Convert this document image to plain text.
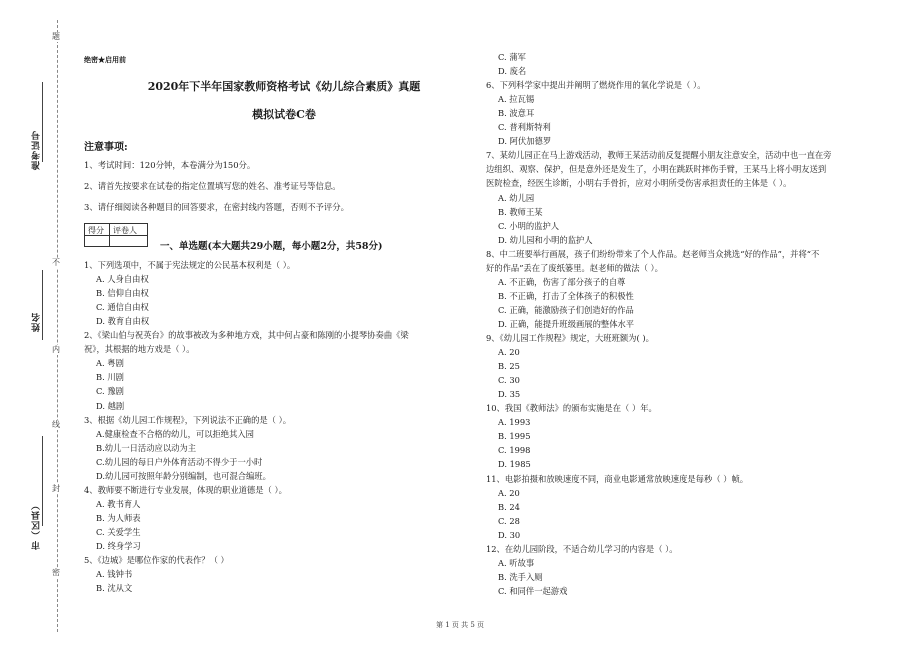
题
不
内
线
封
密
准考证号
姓名
市（区县）
绝密★启用前
2020年下半年国家教师资格考试《幼儿综合素质》真题
模拟试卷C卷
注意事项:
1、考试时间：120分钟，本卷满分为150分。
2、请首先按要求在试卷的指定位置填写您的姓名、准考证号等信息。
3、请仔细阅读各种题目的回答要求，在密封线内答题，否则不予评分。
得分 评卷人
一、单选题(本大题共29小题，每小题2分，共58分)
1、下列选项中，不属于宪法规定的公民基本权利是（ ）。
A. 人身自由权
B. 信仰自由权
C. 通信自由权
D. 教育自由权
2、《梁山伯与祝英台》的故事被改为多种地方戏，其中何占豪和陈刚的小提琴协奏曲《梁
祝》，其根据的地方戏是（ ）。
A. 粤剧
B. 川剧
C. 豫剧
D. 越剧
3、根据《幼儿园工作规程》，下列说法不正确的是（ ）。
A.健康检查不合格的幼儿，可以拒绝其入园
B.幼儿一日活动应以动为主
C.幼儿园的每日户外体育活动不得少于一小时
D.幼儿园可按照年龄分别编制，也可混合编班。
4、教师要不断进行专业发展，体现的职业道德是（ ）。
A. 教书育人
B. 为人师表
C. 关爱学生
D. 终身学习
5、《边城》是哪位作家的代表作？（ ）
A. 钱钟书
B. 沈从文
C. 蒲军
D. 废名
6、下列科学家中提出并阐明了燃烧作用的氧化学说是（ ）。
A. 拉瓦锡
B. 波意耳
C. 普利斯特利
D. 阿伏加德罗
7、某幼儿园正在马上游戏活动，教师王某活动前反复提醒小朋友注意安全，活动中也一直在旁
边组织、观察、保护，但是意外还是发生了，小明在跳跃时摔伤手臂，王某马上将小明友送到
医院检查，经医生诊断，小明右手骨折，应对小明所受伤害承担责任的主体是（ ）。
A. 幼儿园
B. 教师王某
C. 小明的监护人
D. 幼儿园和小明的监护人
8、中二班要举行画展，孩子们纷纷带来了个人作品。赵老师当众挑选“好的作品”，并将“不
好的作品”丢在了废纸篓里。赵老师的做法（ ）。
A. 不正确，伤害了部分孩子的自尊
B. 不正确，打击了全体孩子的积极性
C. 正确，能激励孩子们创造好的作品
D. 正确，能提升班级画展的整体水平
9、《幼儿园工作规程》规定，大班班额为( )。
A. 20
B. 25
C. 30
D. 35
10、我国《教师法》的颁布实施是在（ ）年。
A. 1993
B. 1995
C. 1998
D. 1985
11、电影拍摄和放映速度不同，商业电影通常放映速度是每秒（ ）帧。
A. 20
B. 24
C. 28
D. 30
12、在幼儿园阶段，不适合幼儿学习的内容是（ ）。
A. 听故事
B. 洗手入厕
C. 和同伴一起游戏
第 1 页 共 5 页
